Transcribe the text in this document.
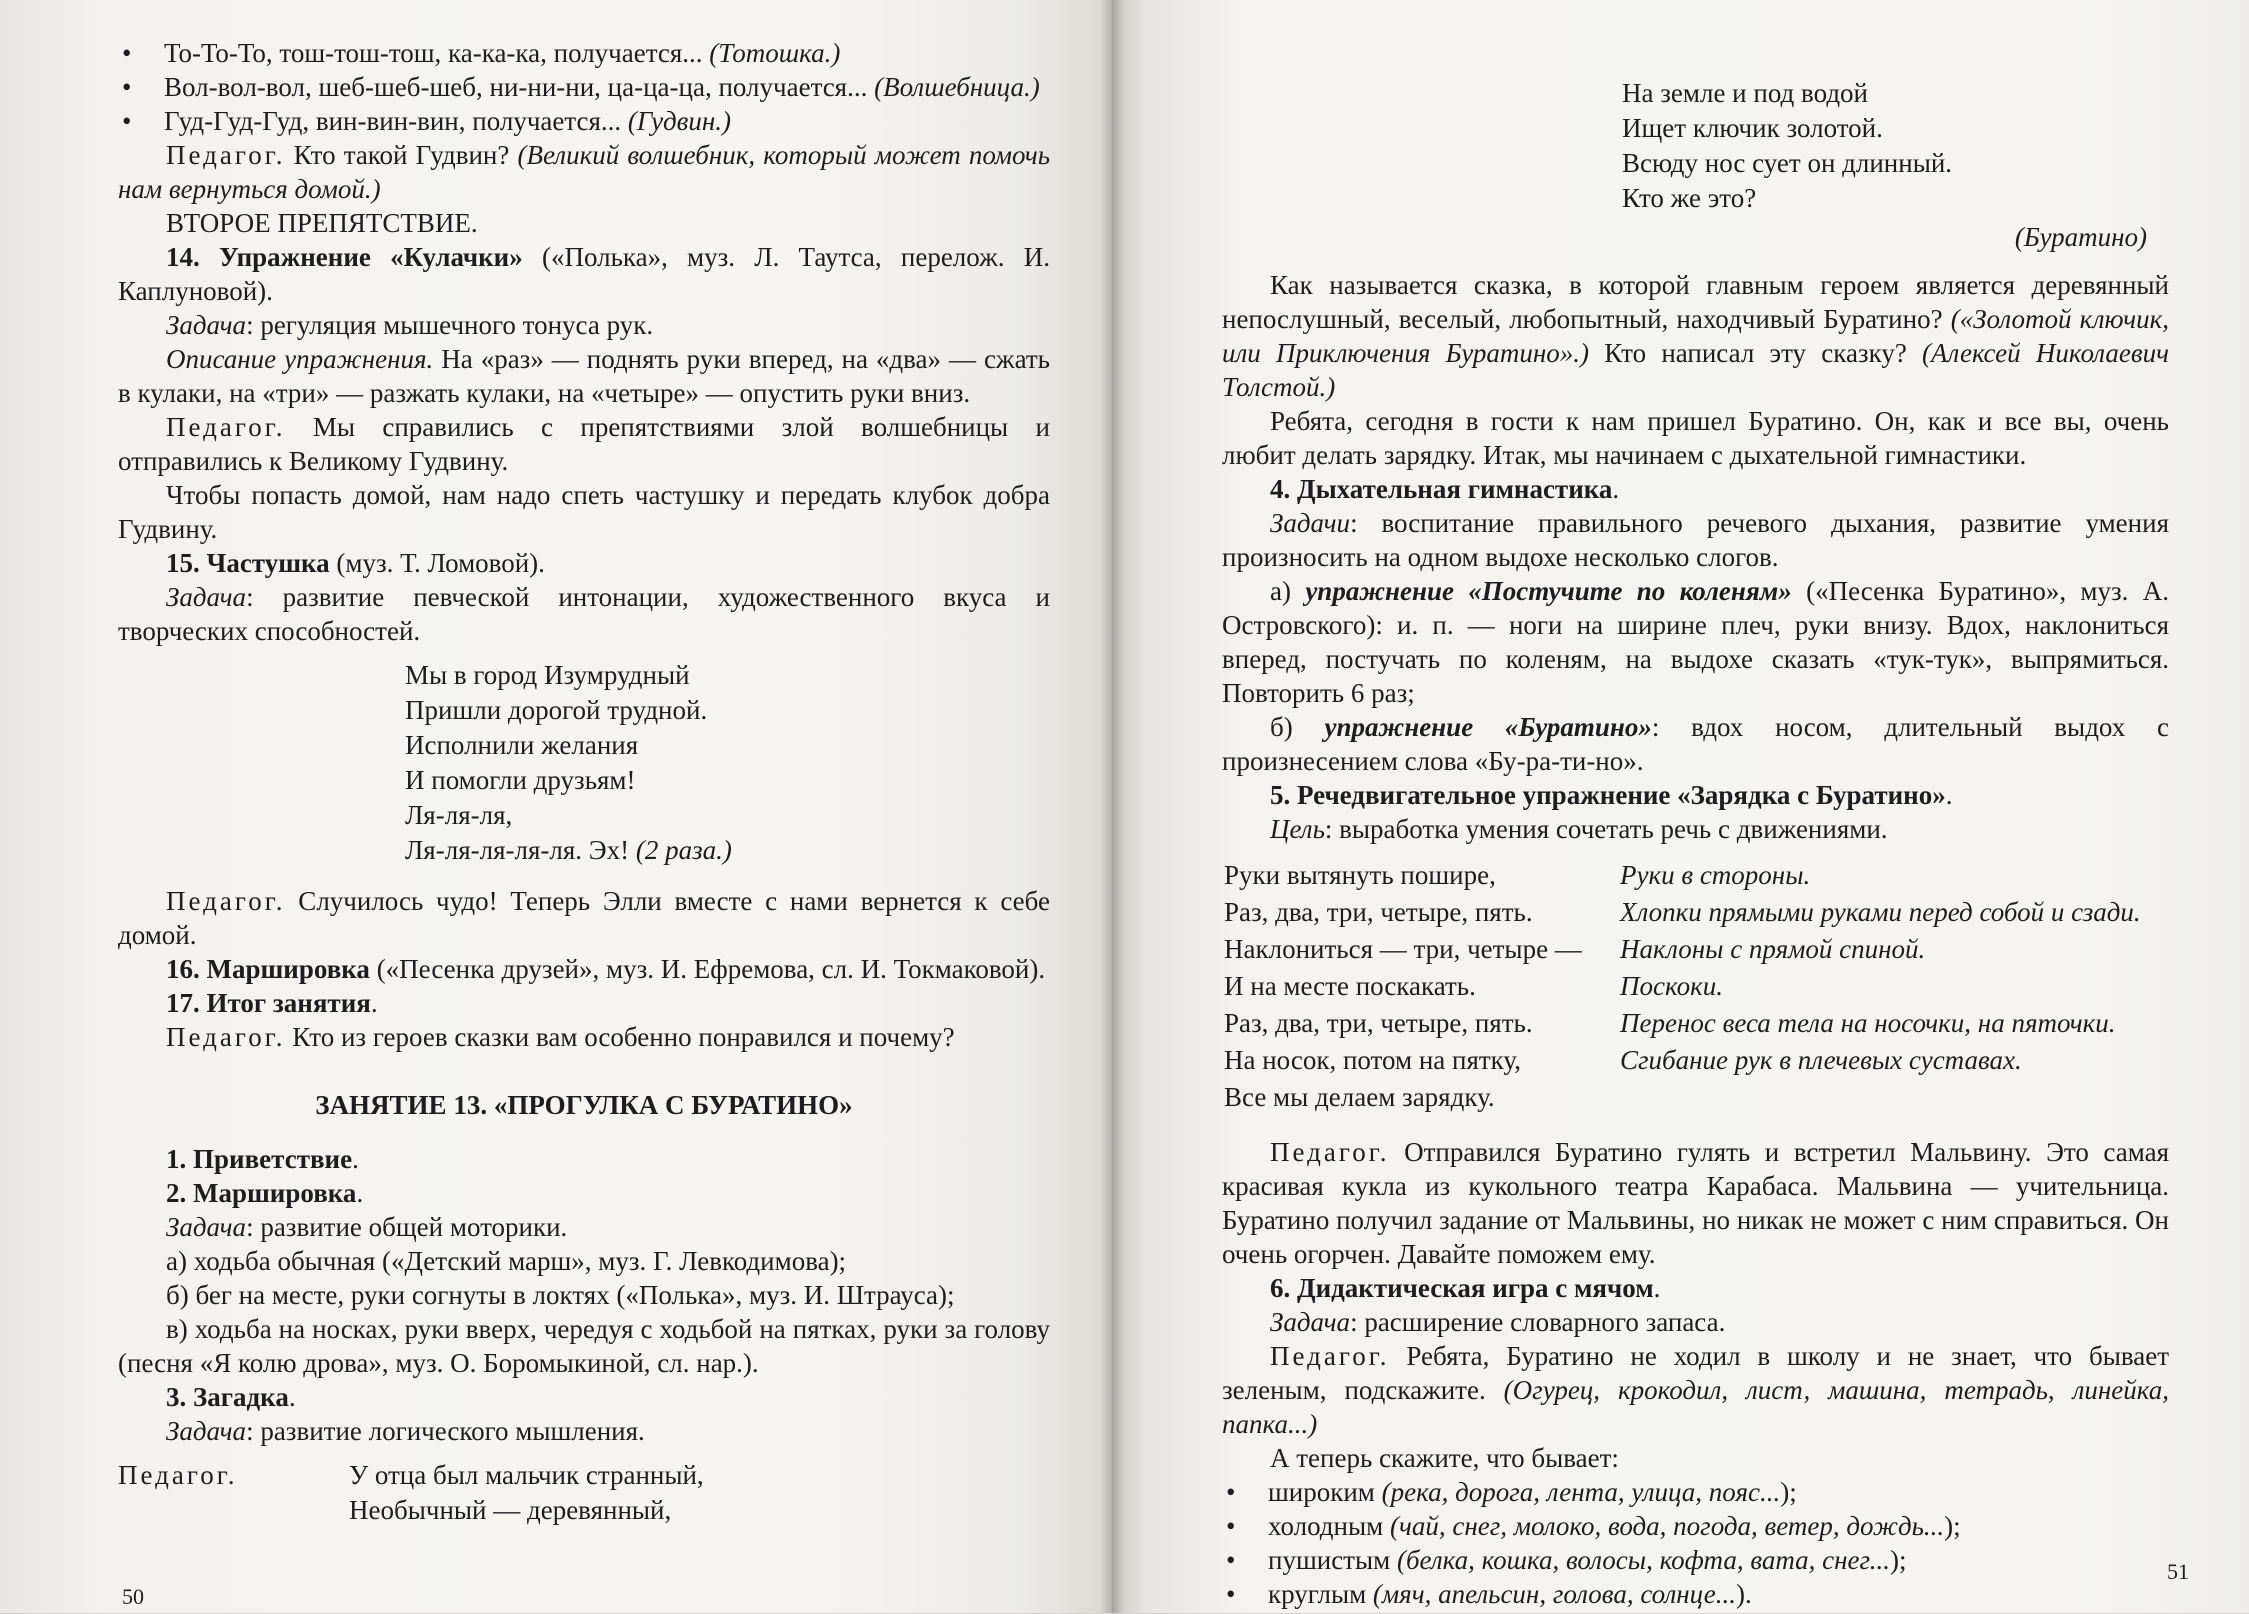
• То-То-То, тош-тош-тош, ка-ка-ка, получается... (Тотошка.)

• Вол-вол-вол, шеб-шеб-шеб, ни-ни-ни, ца-ца-ца, получается... (Волшебница.)

• Гуд-Гуд-Гуд, вин-вин-вин, получается... (Гудвин.)

Педагог. Кто такой Гудвин? (Великий волшебник, который может помочь нам вернуться домой.)

ВТОРОЕ ПРЕПЯТСТВИЕ.

14. Упражнение «Кулачки» («Полька», муз. Л. Таутса, перелож. И. Каплуновой).

Задача: регуляция мышечного тонуса рук.

Описание упражнения. На «раз» — поднять руки вперед, на «два» — сжать в кулаки, на «три» — разжать кулаки, на «четыре» — опустить руки вниз.

Педагог. Мы справились с препятствиями злой волшебницы и отправились к Великому Гудвину.

Чтобы попасть домой, нам надо спеть частушку и передать клубок добра Гудвину.

15. Частушка (муз. Т. Ломовой).

Задача: развитие певческой интонации, художественного вкуса и творческих способностей.

Мы в город Изумрудный
Пришли дорогой трудной.
Исполнили желания
И помогли друзьям!
Ля-ля-ля,
Ля-ля-ля-ля-ля. Эх! (2 раза.)

Педагог. Случилось чудо! Теперь Элли вместе с нами вернется к себе домой.

16. Маршировка («Песенка друзей», муз. И. Ефремова, сл. И. Токмаковой).

17. Итог занятия.

Педагог. Кто из героев сказки вам особенно понравился и почему?

ЗАНЯТИЕ 13. «ПРОГУЛКА С БУРАТИНО»

1. Приветствие.

2. Маршировка.

Задача: развитие общей моторики.

а) ходьба обычная («Детский марш», муз. Г. Левкодимова);

б) бег на месте, руки согнуты в локтях («Полька», муз. И. Штрауса);

в) ходьба на носках, руки вверх, чередуя с ходьбой на пятках, руки за голову (песня «Я колю дрова», муз. О. Боромыкиной, сл. нар.).

3. Загадка.

Задача: развитие логического мышления.

Педагог.	У отца был мальчик странный,
Необычный — деревянный,
50
На земле и под водой
Ищет ключик золотой.
Всюду нос сует он длинный.
Кто же это?
(Буратино)

Как называется сказка, в которой главным героем является деревянный непослушный, веселый, любопытный, находчивый Буратино? («Золотой ключик, или Приключения Буратино».) Кто написал эту сказку? (Алексей Николаевич Толстой.)

Ребята, сегодня в гости к нам пришел Буратино. Он, как и все вы, очень любит делать зарядку. Итак, мы начинаем с дыхательной гимнастики.

4. Дыхательная гимнастика.

Задачи: воспитание правильного речевого дыхания, развитие умения произносить на одном выдохе несколько слогов.

а) упражнение «Постучите по коленям» («Песенка Буратино», муз. А. Островского): и. п. — ноги на ширине плеч, руки внизу. Вдох, наклониться вперед, постучать по коленям, на выдохе сказать «тук-тук», выпрямиться. Повторить 6 раз;

б) упражнение «Буратино»: вдох носом, длительный выдох с произнесением слова «Бу-ра-ти-но».

5. Речедвигательное упражнение «Зарядка с Буратино».

Цель: выработка умения сочетать речь с движениями.

Руки вытянуть пошире,	Руки в стороны.
Раз, два, три, четыре, пять.	Хлопки прямыми руками перед собой и сзади.
Наклониться — три, четыре —	Наклоны с прямой спиной.
И на месте поскакать.	Поскоки.
Раз, два, три, четыре, пять.	Перенос веса тела на носочки, на пяточки.
На носок, потом на пятку,	Сгибание рук в плечевых суставах.
Все мы делаем зарядку.	

Педагог. Отправился Буратино гулять и встретил Мальвину. Это самая красивая кукла из кукольного театра Карабаса. Мальвина — учительница. Буратино получил задание от Мальвины, но никак не может с ним справиться. Он очень огорчен. Давайте поможем ему.

6. Дидактическая игра с мячом.

Задача: расширение словарного запаса.

Педагог. Ребята, Буратино не ходил в школу и не знает, что бывает зеленым, подскажите. (Огурец, крокодил, лист, машина, тетрадь, линейка, папка...)

А теперь скажите, что бывает:

• широким (река, дорога, лента, улица, пояс...);

• холодным (чай, снег, молоко, вода, погода, ветер, дождь...);

• пушистым (белка, кошка, волосы, кофта, вата, снег...);

• круглым (мяч, апельсин, голова, солнце...).

51
